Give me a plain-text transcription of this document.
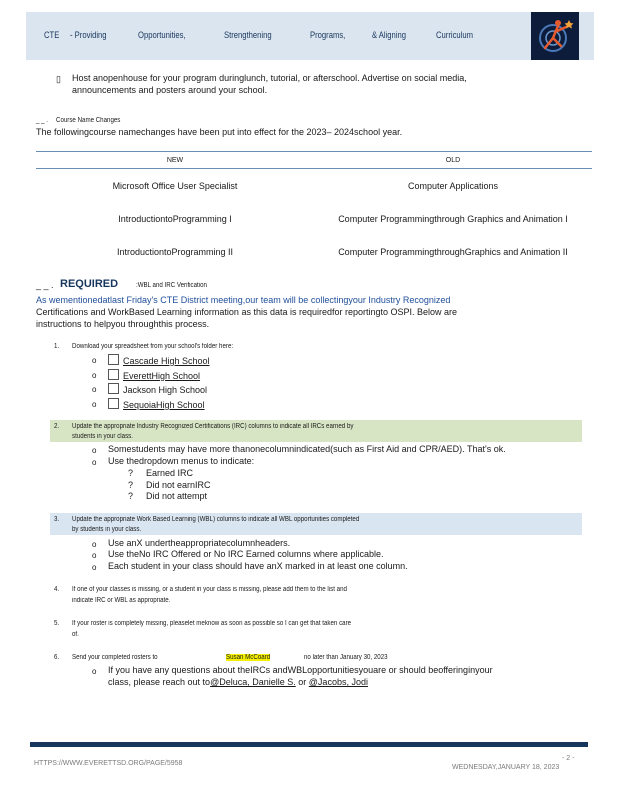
CTE - Providing	Opportunities,	Strengthening	Programs,	& Aligning	Curriculum
▯ Host anopenhouse for your program duringlunch, tutorial, or afterschool. Advertise on social media,
announcements and posters around your school.
_ _ . Course Name Changes
The followingcourse namechanges have been put into effect for the 2023– 2024school year.
NEW	OLD
Microsoft Office User Specialist	Computer Applications
IntroductiontoProgramming I	Computer Programmingthrough Graphics and Animation I
IntroductiontoProgramming II	Computer ProgrammingthroughGraphics and Animation II
_ _ . REQUIRED	:WBL and IRC Verification
As wementionedatlast Friday's CTE District meeting,our team will be collectingyour Industry Recognized
Certifications and WorkBased Learning information as this data is requiredfor reportingto OSPI. Below are
instructions to helpyou throughthis process.
1. Download your spreadsheet from your school's folder here:
o	Cascade High School
o	EverettHigh School
o	Jackson High School
o	SequoiaHigh School
2. Update the appropriate Industry Recognized Certifications (IRC) columns to indicate all IRCs earned by
students in your class.
o Somestudents may have more thanonecolumnindicated(such as First Aid and CPR/AED). That's ok.
o Use thedropdown menus to indicate:
? Earned IRC
? Did not earnIRC
? Did not attempt
3. Update the appropriate Work Based Learning (WBL) columns to indicate all WBL opportunities completed
by students in your class.
o Use anX undertheappropriatecolumnheaders.
o Use theNo IRC Offered or No IRC Earned columns where applicable.
o Each student in your class should have anX marked in at least one column.
4. If one of your classes is missing, or a student in your class is missing, please add them to the list and
indicate IRC or WBL as appropriate.
5. If your roster is completely missing, pleaselet meknow as soon as possible so I can get that taken care
of.
6. Send your completed rosters to	Susan McCoard	no later than January 30, 2023
o If you have any questions about theIRCs andWBLopportunitiesyouare or should beofferinginyour
class, please reach out to@Deluca, Danielle S. or @Jacobs, Jodi
HTTPS://WWW.EVERETTSD.ORG/PAGE/5958
- 2 -
WEDNESDAY,JANUARY 18, 2023
